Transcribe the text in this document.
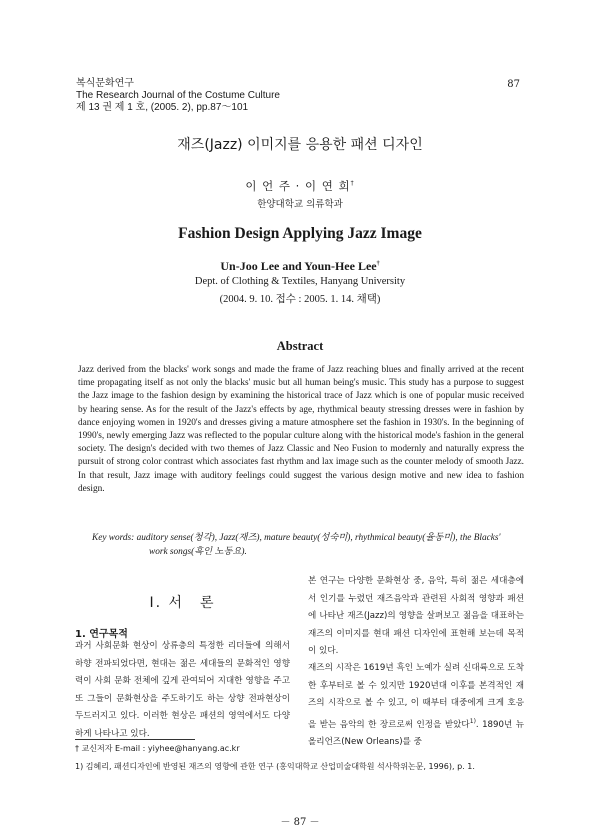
복식문화연구
The Research Journal of the Costume Culture
제 13 권 제 1 호, (2005. 2), pp.87～101
87
재즈(Jazz) 이미지를 응용한 패션 디자인
이 언 주 · 이 연 희†
한양대학교 의류학과
Fashion Design Applying Jazz Image
Un-Joo Lee and Youn-Hee Lee†
Dept. of Clothing & Textiles, Hanyang University
(2004. 9. 10. 접수 : 2005. 1. 14. 채택)
Abstract
Jazz derived from the blacks' work songs and made the frame of Jazz reaching blues and finally arrived at the recent time propagating itself as not only the blacks' music but all human being's music. This study has a purpose to suggest the Jazz image to the fashion design by examining the historical trace of Jazz which is one of popular music received by hearing sense. As for the result of the Jazz's effects by age, rhythmical beauty stressing dresses were in fashion by dance enjoying women in 1920's and dresses giving a mature atmosphere set the fashion in 1930's. In the beginning of 1990's, newly emerging Jazz was reflected to the popular culture along with the historical mode's fashion in the general society. The design's decided with two themes of Jazz Classic and Neo Fusion to modernly and naturally express the pursuit of strong color contrast which associates fast rhythm and lax image such as the counter melody of smooth Jazz. In that result, Jazz image with auditory feelings could suggest the various design motive and new idea to fashion design.
Key words: auditory sense(청각), Jazz(재즈), mature beauty(성숙미), rhythmical beauty(율동미), the Blacks'
work songs(흑인 노동요).
Ⅰ. 서　론
1. 연구목적
과거 사회문화 현상이 상류층의 특정한 리더들에 의해서 하향 전파되었다면, 현대는 젊은 세대들의 문화적인 영향력이 사회 문화 전체에 깊게 관여되어 지대한 영향을 주고 또 그들이 문화현상을 주도하기도 하는 상향 전파현상이 두드러지고 있다. 이러한 현상은 패션의 영역에서도 다양하게 나타나고 있다.
본 연구는 다양한 문화현상 중, 음악, 특히 젊은 세대층에서 인기를 누렸던 재즈음악과 관련된 사회적 영향과 패션에 나타난 재즈(Jazz)의 영향을 살펴보고 젊음을 대표하는 재즈의 이미지를 현대 패션 디자인에 표현해 보는데 목적이 있다.
재즈의 시작은 1619년 흑인 노예가 실려 신대륙으로 도착한 후부터로 볼 수 있지만 1920년대 이후를 본격적인 재즈의 시작으로 볼 수 있고, 이 때부터 대중에게 크게 호응을 받는 음악의 한 장르로써 인정을 받았다$^{1)}$. 1890년 뉴올리언즈(New Orleans)를 중
† 교신저자 E-mail : yiyhee@hanyang.ac.kr
1) 김혜리, 패션디자인에 반영된 재즈의 영향에 관한 연구 (홍익대학교 산업미술대학원 석사학위논문, 1996), p. 1.
－ 87 －
